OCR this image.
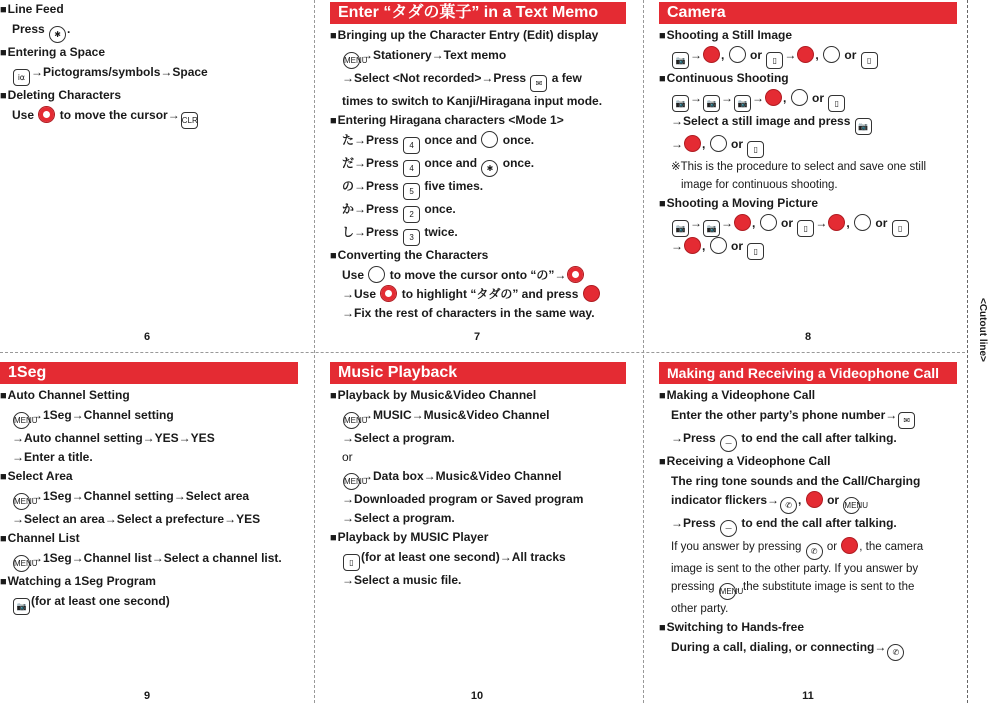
<Cutout line>
■ Line Feed
Press ✱ .
■ Entering a Space
i⍺ →Pictograms/symbols→Space
■ Deleting Characters
Use to move the cursor→ CLR
6
Enter “タダの菓子” in a Text Memo
■ Bringing up the Character Entry (Edit) display
MENU→Stationery→Text memo
→Select <Not recorded>→Press ✉ a few
times to switch to Kanji/Hiragana input mode.
■ Entering Hiragana characters <Mode 1>
た→Press 4 once and once.
だ→Press 4 once and ✱ once.
の→Press 5 five times.
か→Press 2 once.
し→Press 3 twice.
■ Converting the Characters
Use to move the cursor onto “の”→
→Use to highlight “タダの” and press
→Fix the rest of characters in the same way.
7
Camera
■ Shooting a Still Image
📷 → ,  or ▯ → ,  or ▯
■ Continuous Shooting
📷 → 📷 → 📷 → ,  or ▯
→Select a still image and press 📷
→ ,  or ▯
※This is the procedure to select and save one still image for continuous shooting.
■ Shooting a Moving Picture
📷 → 📷 → ,  or ▯ → ,  or ▯
→ ,  or ▯
8
1Seg
■ Auto Channel Setting
MENU→1Seg→Channel setting
→Auto channel setting→YES→YES
→Enter a title.
■ Select Area
MENU→1Seg→Channel setting→Select area
→Select an area→Select a prefecture→YES
■ Channel List
MENU→1Seg→Channel list→Select a channel list.
■ Watching a 1Seg Program
📷 (for at least one second)
9
Music Playback
■ Playback by Music&Video Channel
MENU→MUSIC→Music&Video Channel
→Select a program.
or
MENU→Data box→Music&Video Channel
→Downloaded program or Saved program
→Select a program.
■ Playback by MUSIC Player
▯ (for at least one second)→All tracks
→Select a music file.
10
Making and Receiving a Videophone Call
■ Making a Videophone Call
Enter the other party’s phone number→ ✉
→Press ⏤ to end the call after talking.
■ Receiving a Videophone Call
The ring tone sounds and the Call/Charging
indicator flickers→ ✆ , or MENU
→Press ⏤ to end the call after talking.
If you answer by pressing ✆ or , the camera
image is sent to the other party. If you answer by
pressing MENU, the substitute image is sent to the
other party.
■ Switching to Hands-free
During a call, dialing, or connecting→ ✆
11
